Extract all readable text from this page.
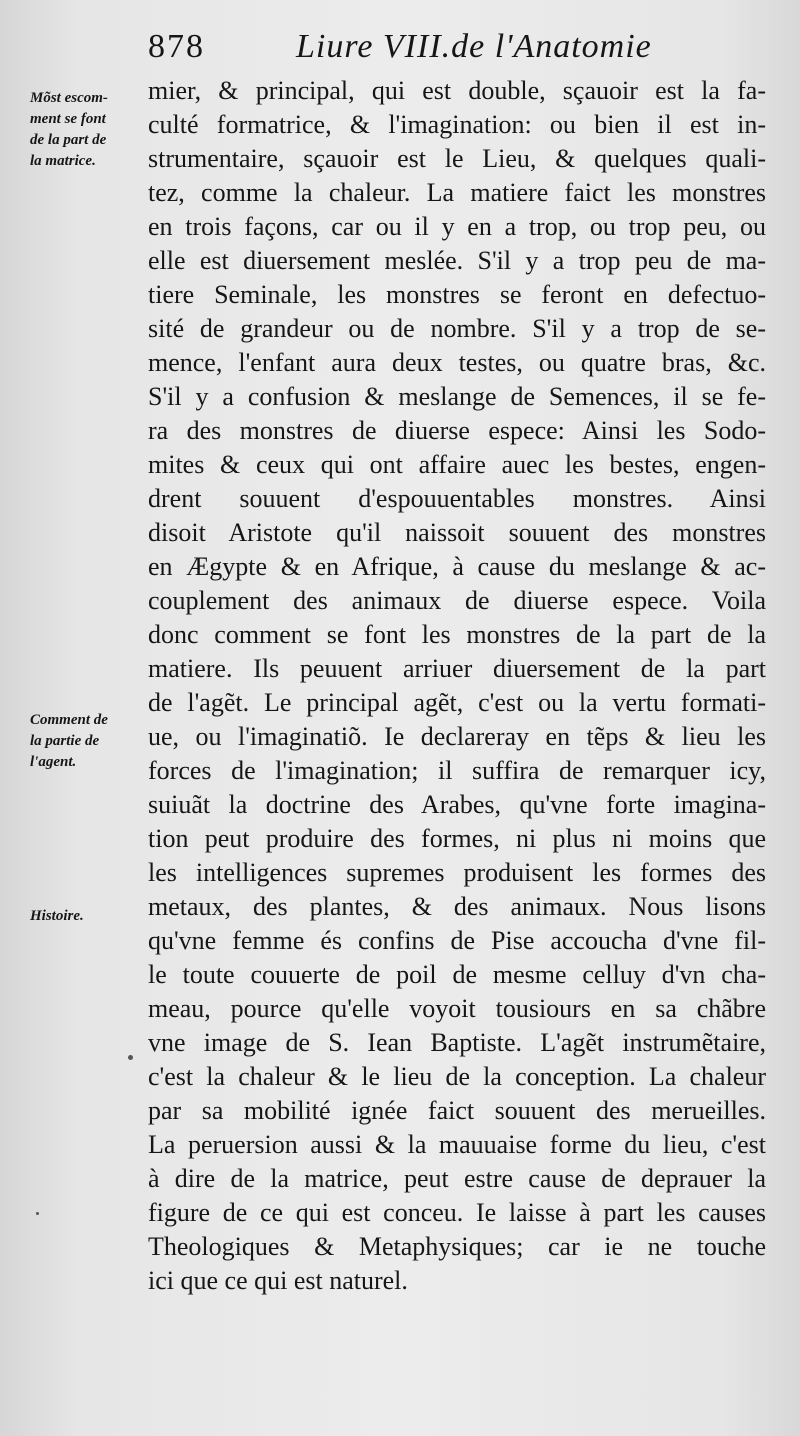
878	Liure VIII.de l'Anatomie
Mõst escom-
ment se font
de la part de
la matrice.
Comment de
la partie de
l'agent.
Histoire.
mier, & principal, qui est double, sçauoir est la fa-
culté formatrice, & l'imagination: ou bien il est in-
strumentaire, sçauoir est le Lieu, & quelques quali-
tez, comme la chaleur. La matiere faict les monstres
en trois façons, car ou il y en a trop, ou trop peu, ou
elle est diuersement meslée. S'il y a trop peu de ma-
tiere Seminale, les monstres se feront en defectuo-
sité de grandeur ou de nombre. S'il y a trop de se-
mence, l'enfant aura deux testes, ou quatre bras, &c.
S'il y a confusion & meslange de Semences, il se fe-
ra des monstres de diuerse espece: Ainsi les Sodo-
mites & ceux qui ont affaire auec les bestes, engen-
drent souuent d'espouuentables monstres. Ainsi
disoit Aristote qu'il naissoit souuent des monstres
en Ægypte & en Afrique, à cause du meslange & ac-
couplement des animaux de diuerse espece. Voila
donc comment se font les monstres de la part de la
matiere. Ils peuuent arriuer diuersement de la part
de l'agẽt. Le principal agẽt, c'est ou la vertu formati-
ue, ou l'imaginatiõ. Ie declareray en tẽps & lieu les
forces de l'imagination; il suffira de remarquer icy,
suiuãt la doctrine des Arabes, qu'vne forte imagina-
tion peut produire des formes, ni plus ni moins que
les intelligences supremes produisent les formes des
metaux, des plantes, & des animaux. Nous lisons
qu'vne femme és confins de Pise accoucha d'vne fil-
le toute couuerte de poil de mesme celluy d'vn cha-
meau, pource qu'elle voyoit tousiours en sa chãbre
vne image de S. Iean Baptiste. L'agẽt instrumẽtaire,
c'est la chaleur & le lieu de la conception. La chaleur
par sa mobilité ignée faict souuent des merueilles.
La peruersion aussi & la mauuaise forme du lieu, c'est
à dire de la matrice, peut estre cause de deprauer la
figure de ce qui est conceu. Ie laisse à part les causes
Theologiques & Metaphysiques; car ie ne touche
ici que ce qui est naturel.
